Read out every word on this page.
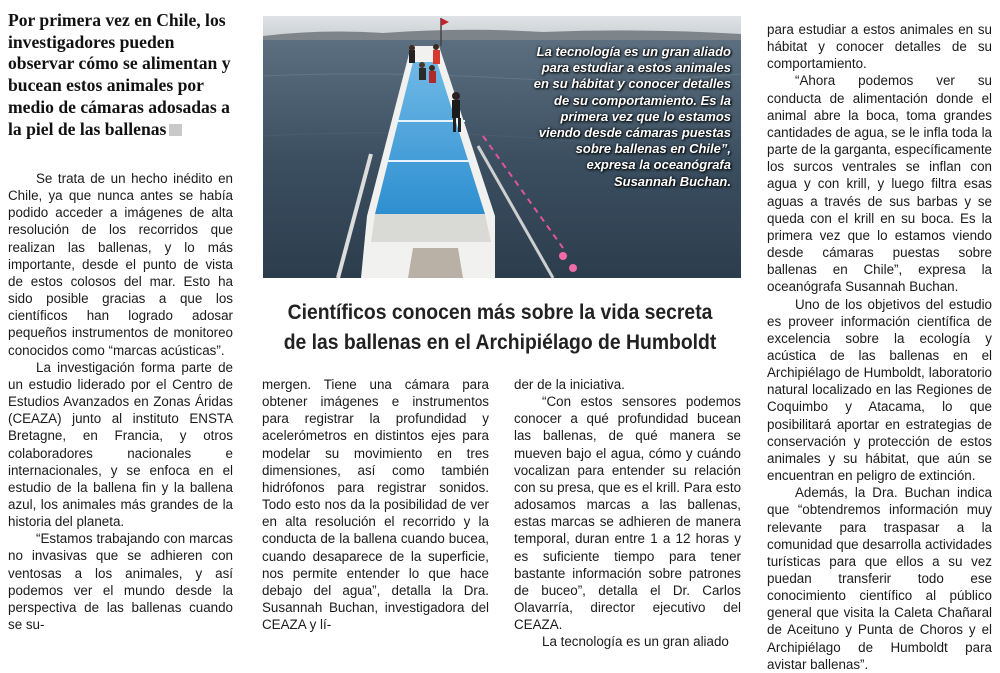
Por primera vez en Chile, los investigadores pueden observar cómo se alimentan y bucean estos animales por medio de cámaras adosadas a la piel de las ballenas

La tecnología es un gran aliado para estudiar a estos animales en su hábitat y conocer detalles de su comportamiento. Es la primera vez que lo estamos viendo desde cámaras puestas sobre ballenas en Chile”, expresa la oceanógrafa Susannah Buchan.

Científicos conocen más sobre la vida secreta de las ballenas en el Archipiélago de Humboldt

Se trata de un hecho inédito en Chile, ya que nunca antes se había podido acceder a imágenes de alta resolución de los recorridos que realizan las ballenas, y lo más importante, desde el punto de vista de estos colosos del mar. Esto ha sido posible gracias a que los científicos han logrado adosar pequeños instrumentos de monitoreo conocidos como “marcas acústicas”.

La investigación forma parte de un estudio liderado por el Centro de Estudios Avanzados en Zonas Áridas (CEAZA) junto al instituto ENSTA Bretagne, en Francia, y otros colaboradores nacionales e internacionales, y se enfoca en el estudio de la ballena fin y la ballena azul, los animales más grandes de la historia del planeta.

“Estamos trabajando con marcas no invasivas que se adhieren con ventosas a los animales, y así podemos ver el mundo desde la perspectiva de las ballenas cuando se su-

mergen. Tiene una cámara para obtener imágenes e instrumentos para registrar la profundidad y acelerómetros en distintos ejes para modelar su movimiento en tres dimensiones, así como también hidrófonos para registrar sonidos. Todo esto nos da la posibilidad de ver en alta resolución el recorrido y la conducta de la ballena cuando bucea, cuando desaparece de la superficie, nos permite entender lo que hace debajo del agua”, detalla la Dra. Susannah Buchan, investigadora del CEAZA y lí-

der de la iniciativa.

“Con estos sensores podemos conocer a qué profundidad bucean las ballenas, de qué manera se mueven bajo el agua, cómo y cuándo vocalizan para entender su relación con su presa, que es el krill. Para esto adosamos marcas a las ballenas, estas marcas se adhieren de manera temporal, duran entre 1 a 12 horas y es suficiente tiempo para tener bastante información sobre patrones de buceo”, detalla el Dr. Carlos Olavarría, director ejecutivo del CEAZA.

La tecnología es un gran aliado

para estudiar a estos animales en su hábitat y conocer detalles de su comportamiento.

“Ahora podemos ver su conducta de alimentación donde el animal abre la boca, toma grandes cantidades de agua, se le infla toda la parte de la garganta, específicamente los surcos ventrales se inflan con agua y con krill, y luego filtra esas aguas a través de sus barbas y se queda con el krill en su boca. Es la primera vez que lo estamos viendo desde cámaras puestas sobre ballenas en Chile”, expresa la oceanógrafa Susannah Buchan.

Uno de los objetivos del estudio es proveer información científica de excelencia sobre la ecología y acústica de las ballenas en el Archipiélago de Humboldt, laboratorio natural localizado en las Regiones de Coquimbo y Atacama, lo que posibilitará aportar en estrategias de conservación y protección de estos animales y su hábitat, que aún se encuentran en peligro de extinción.

Además, la Dra. Buchan indica que “obtendremos información muy relevante para traspasar a la comunidad que desarrolla actividades turísticas para que ellos a su vez puedan transferir todo ese conocimiento científico al público general que visita la Caleta Chañaral de Aceituno y Punta de Choros y el Archipiélago de Humboldt para avistar ballenas”.
